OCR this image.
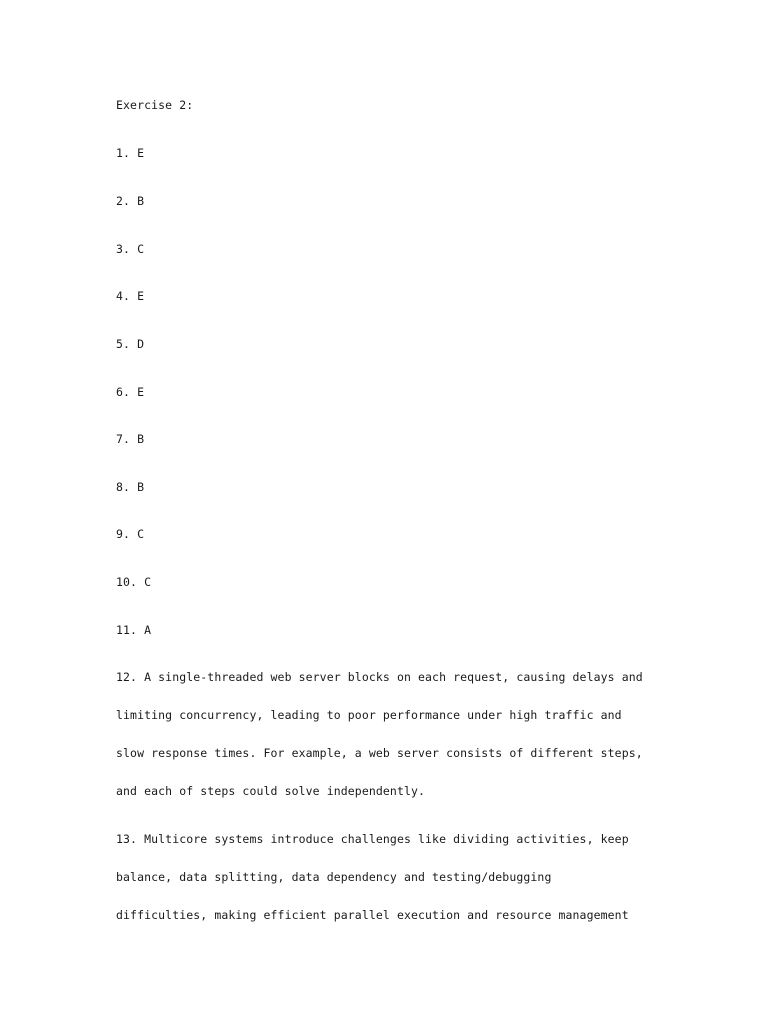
Exercise 2:
1. E
2. B
3. C
4. E
5. D
6. E
7. B
8. B
9. C
10. C
11. A
12. A single-threaded web server blocks on each request, causing delays and
limiting concurrency, leading to poor performance under high traffic and
slow response times. For example, a web server consists of different steps,
and each of steps could solve independently.
13. Multicore systems introduce challenges like dividing activities, keep
balance, data splitting, data dependency and testing/debugging
difficulties, making efficient parallel execution and resource management
